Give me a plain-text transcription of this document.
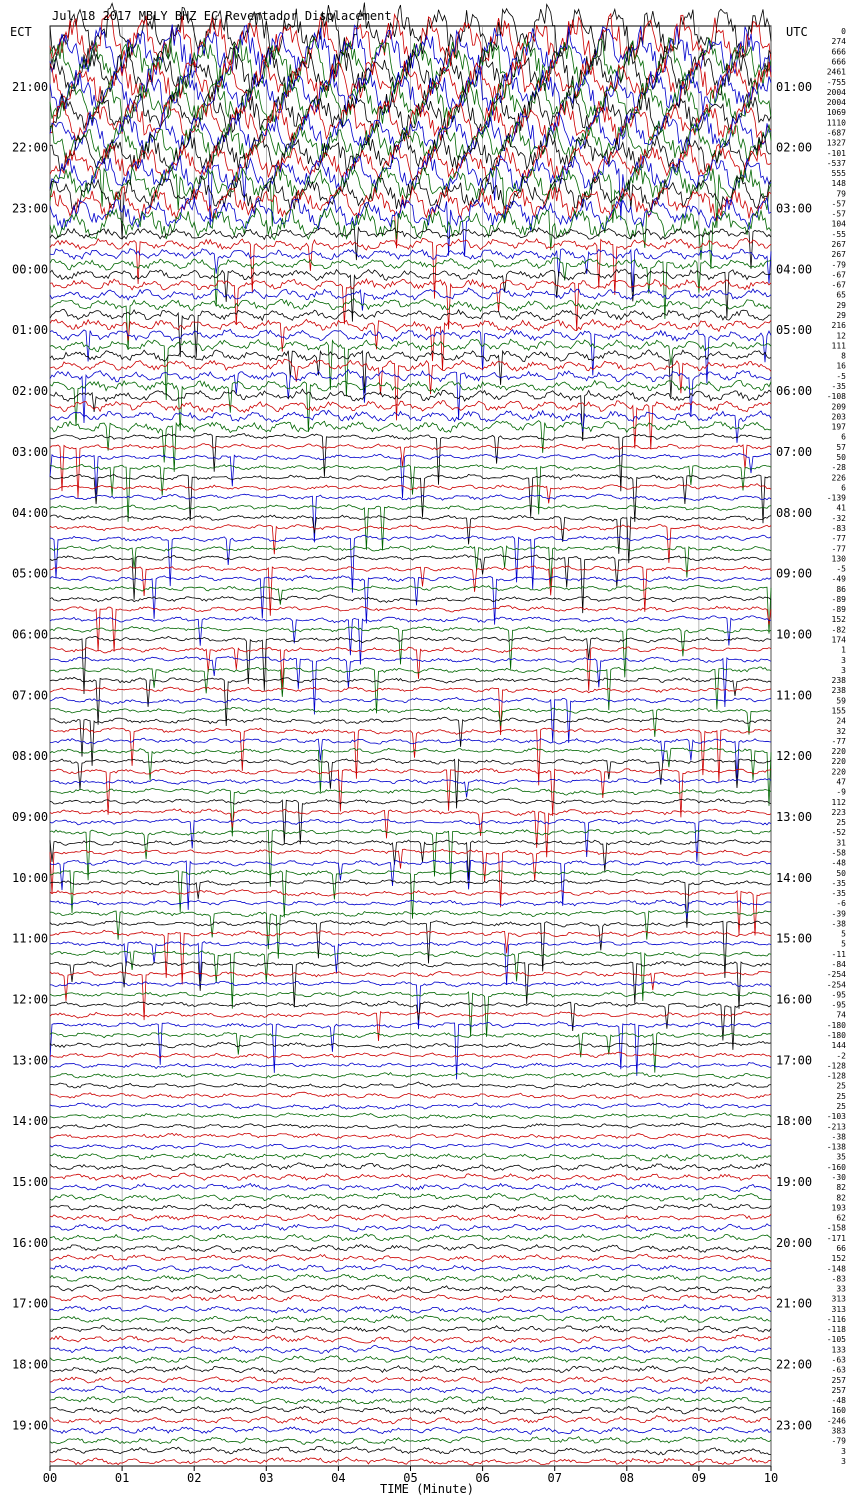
00	01	02	03	04	05	06	07	08	09	10
21:00
22:00
23:00
00:00
01:00
02:00
03:00
04:00
05:00
06:00
07:00
08:00
09:00
10:00
11:00
12:00
13:00
14:00
15:00
16:00
17:00
18:00
19:00
01:00
02:00
03:00
04:00
05:00
06:00
07:00
08:00
09:00
10:00
11:00
12:00
13:00
14:00
15:00
16:00
17:00
18:00
19:00
20:00
21:00
22:00
23:00
0
274
666
666
2461
-755
2004
2004
1069
1110
-687
1327
-101
-537
555
148
79
-57
-57
104
-55
267
267
-79
-67
-67
65
29
29
216
12
111
8
16
-5
-35
-108
209
203
197
6
57
50
-28
226
6
-139
41
-32
-83
-77
-77
130
-5
-49
86
-89
-89
152
-82
174
1
3
3
238
238
59
155
24
32
-77
220
220
220
47
-9
112
223
25
-52
31
-58
-48
50
-35
-35
-6
-39
-38
5
5
-11
-84
-254
-254
-95
-95
74
-180
-180
144
-2
-128
-128
25
25
25
-103
-213
-38
-138
35
-160
-30
82
82
193
62
-158
-171
66
152
-148
-83
33
313
313
-116
-118
-105
133
-63
-63
257
257
-48
160
-246
383
-79
3
3
Jul 18 2017 MBLY BHZ EC Reventador Displacement
ECT	UTC
TIME (Minute)
